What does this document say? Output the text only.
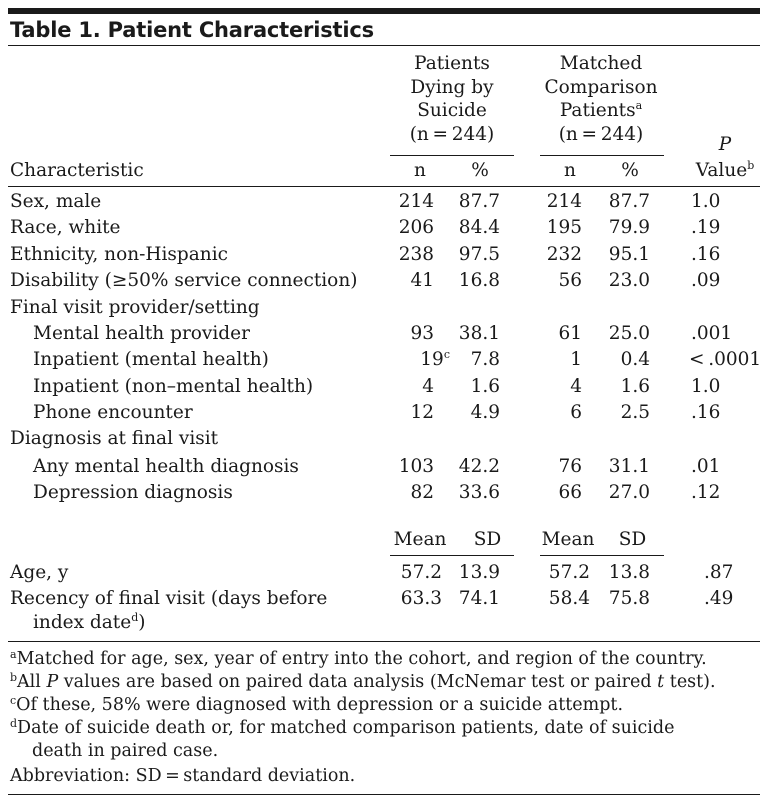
Table 1. Patient Characteristics
Patients
Dying by
Suicide
(n = 244)
Matched
Comparison
Patients$^a$
(n = 244)
Characteristic	n	%	n	%
P
Value$^b$
Sex, male	214	87.7	214	87.7 1.0
Race, white	206	84.4	195	79.9 .19
Ethnicity, non-Hispanic	238	97.5	232	95.1 .16
Disability (≥50% service connection)	41	16.8	56	23.0 .09
Final visit provider/setting
Mental health provider	93	38.1	61	25.0 .001
Inpatient (mental health)	19$^c$	7.8	1	0.4 < .0001
Inpatient (non–mental health)	4	1.6	4	1.6 1.0
Phone encounter	12	4.9	6	2.5 .16
Diagnosis at final visit
Any mental health diagnosis	103	42.2	76	31.1 .01
Depression diagnosis	82	33.6	66	27.0 .12
Mean	SD	Mean	SD
Age, y	57.2 13.9	57.2	13.8	.87
Recency of final visit (days before
index date$^d$)
63.3 74.1	58.4	75.8	.49
$^a$Matched for age, sex, year of entry into the cohort, and region of the country.
$^b$All P values are based on paired data analysis (McNemar test or paired t test).
$^c$Of these, 58% were diagnosed with depression or a suicide attempt.
$^d$Date of suicide death or, for matched comparison patients, date of suicide
death in paired case.
Abbreviation: SD = standard deviation.
